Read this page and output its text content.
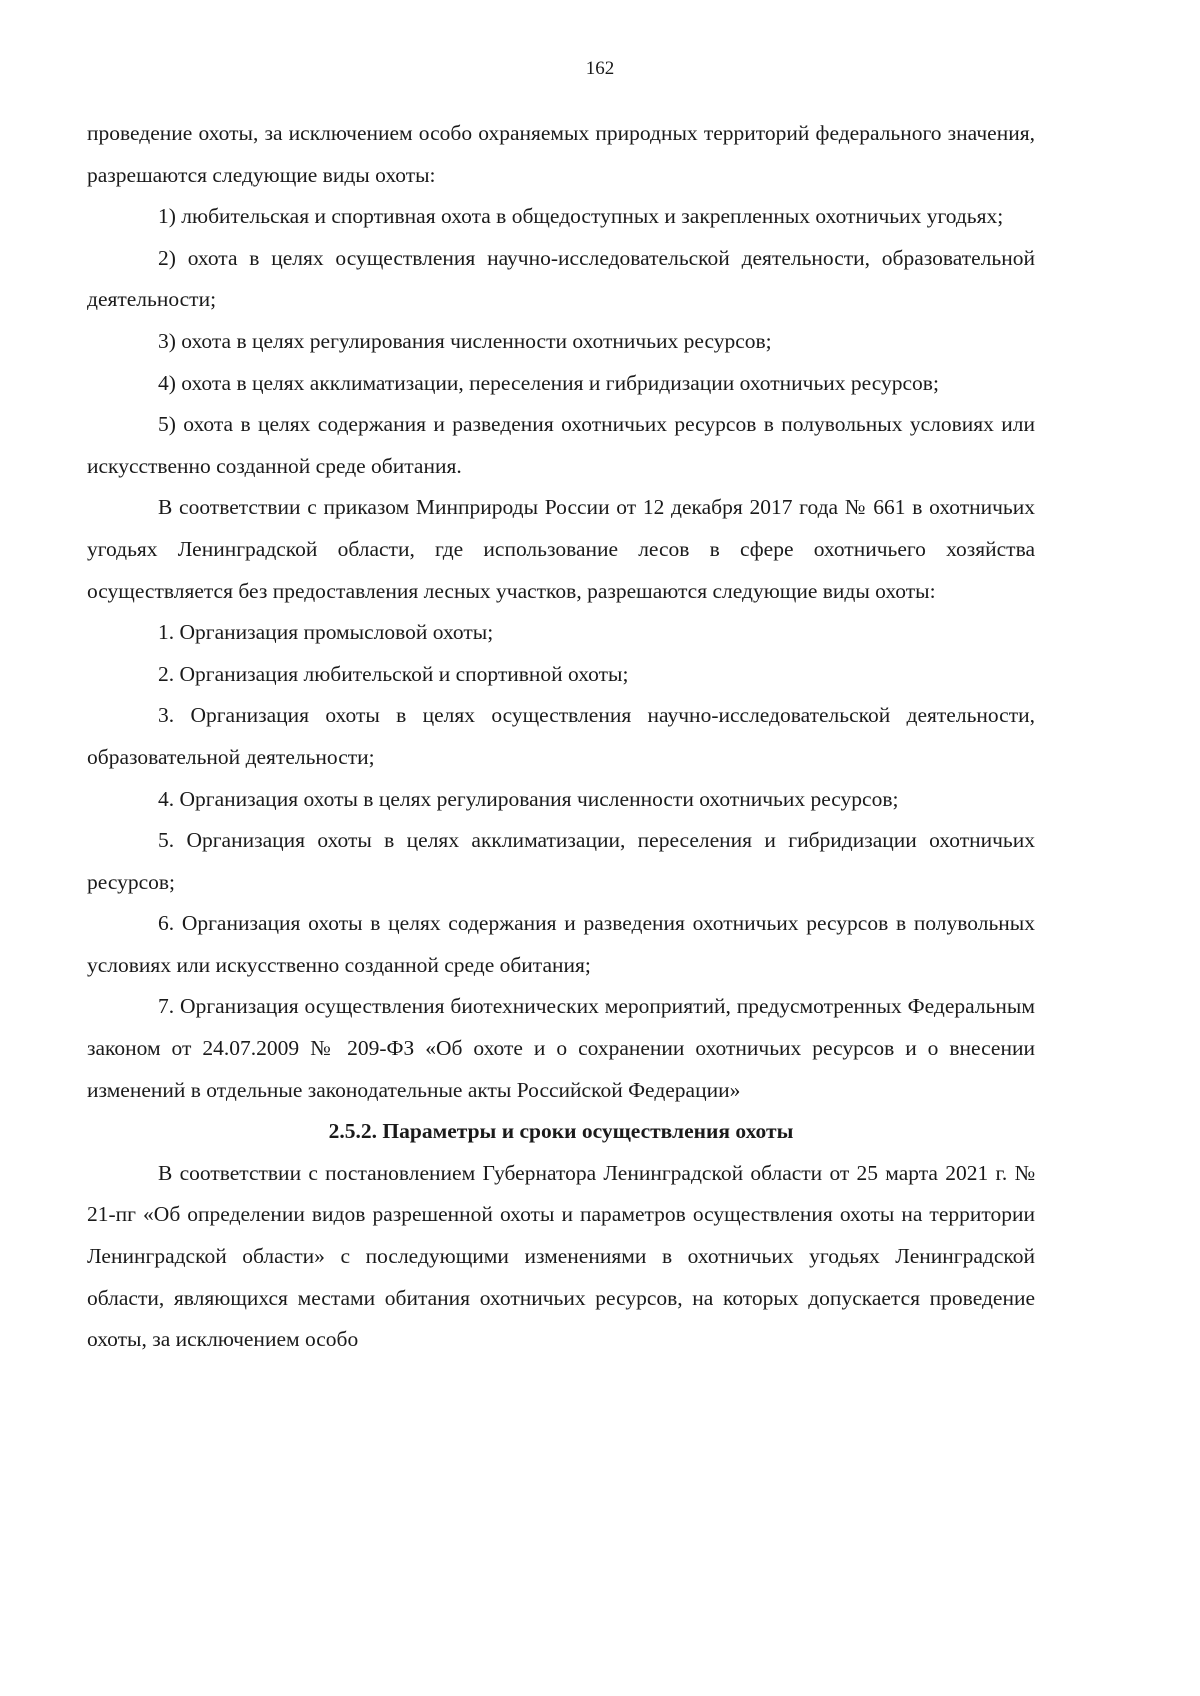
162

проведение охоты, за исключением особо охраняемых природных территорий федерального значения, разрешаются следующие виды охоты:

1) любительская и спортивная охота в общедоступных и закрепленных охотничьих угодьях;

2) охота в целях осуществления научно-исследовательской деятельности, образовательной деятельности;

3) охота в целях регулирования численности охотничьих ресурсов;

4) охота в целях акклиматизации, переселения и гибридизации охотничьих ресурсов;

5) охота в целях содержания и разведения охотничьих ресурсов в полувольных условиях или искусственно созданной среде обитания.

В соответствии с приказом Минприроды России от 12 декабря 2017 года № 661 в охотничьих угодьях Ленинградской области, где использование лесов в сфере охотничьего хозяйства осуществляется без предоставления лесных участков, разрешаются следующие виды охоты:

1. Организация промысловой охоты;

2. Организация любительской и спортивной охоты;

3. Организация охоты в целях осуществления научно-исследовательской деятельности, образовательной деятельности;

4. Организация охоты в целях регулирования численности охотничьих ресурсов;

5. Организация охоты в целях акклиматизации, переселения и гибридизации охотничьих ресурсов;

6. Организация охоты в целях содержания и разведения охотничьих ресурсов в полувольных условиях или искусственно созданной среде обитания;

7. Организация осуществления биотехнических мероприятий, предусмотренных Федеральным законом от 24.07.2009 № 209-ФЗ «Об охоте и о сохранении охотничьих ресурсов и о внесении изменений в отдельные законодательные акты Российской Федерации»

2.5.2. Параметры и сроки осуществления охоты

В соответствии с постановлением Губернатора Ленинградской области от 25 марта 2021 г. № 21-пг «Об определении видов разрешенной охоты и параметров осуществления охоты на территории Ленинградской области» с последующими изменениями в охотничьих угодьях Ленинградской области, являющихся местами обитания охотничьих ресурсов, на которых допускается проведение охоты, за исключением особо
